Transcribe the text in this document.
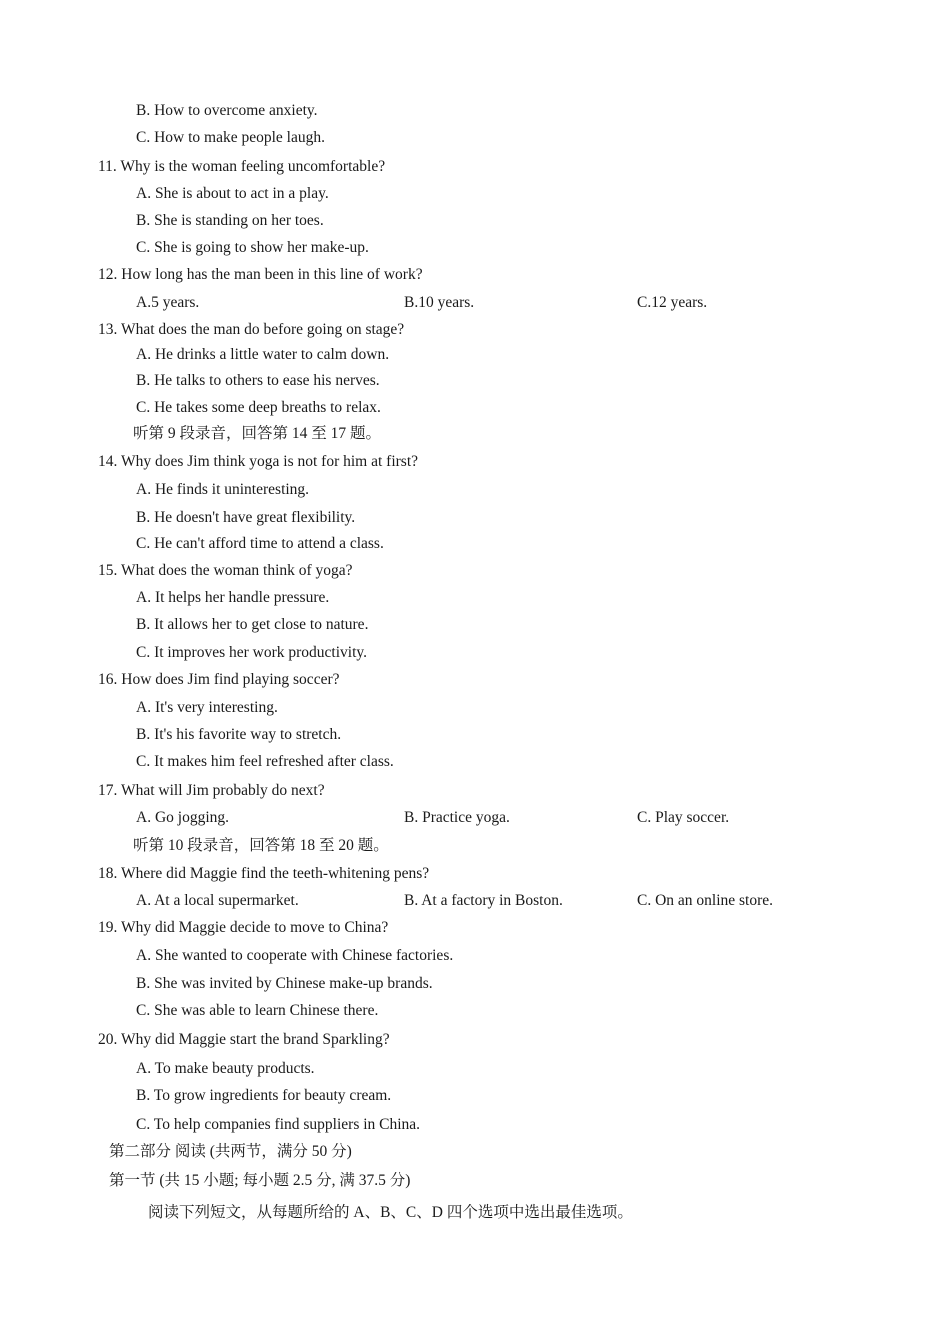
B. How to overcome anxiety.
C. How to make people laugh.
11. Why is the woman feeling uncomfortable?
A. She is about to act in a play.
B. She is standing on her toes.
C. She is going to show her make-up.
12. How long has the man been in this line of work?
A.5 years.	B.10 years.	C.12 years.
13. What does the man do before going on stage?
A. He drinks a little water to calm down.
B. He talks to others to ease his nerves.
C. He takes some deep breaths to relax.
听第 9 段录音，回答第 14 至 17 题。
14. Why does Jim think yoga is not for him at first?
A. He finds it uninteresting.
B. He doesn't have great flexibility.
C. He can't afford time to attend a class.
15. What does the woman think of yoga?
A. It helps her handle pressure.
B. It allows her to get close to nature.
C. It improves her work productivity.
16. How does Jim find playing soccer?
A. It's very interesting.
B. It's his favorite way to stretch.
C. It makes him feel refreshed after class.
17. What will Jim probably do next?
A. Go jogging.	B. Practice yoga.	C. Play soccer.
听第 10 段录音，回答第 18 至 20 题。
18. Where did Maggie find the teeth-whitening pens?
A. At a local supermarket.	B. At a factory in Boston.	C. On an online store.
19. Why did Maggie decide to move to China?
A. She wanted to cooperate with Chinese factories.
B. She was invited by Chinese make-up brands.
C. She was able to learn Chinese there.
20. Why did Maggie start the brand Sparkling?
A. To make beauty products.
B. To grow ingredients for beauty cream.
C. To help companies find suppliers in China.
第二部分 阅读 (共两节，满分 50 分)
第一节 (共 15 小题; 每小题 2.5 分, 满 37.5 分)
阅读下列短文，从每题所给的 A、B、C、D 四个选项中选出最佳选项。
